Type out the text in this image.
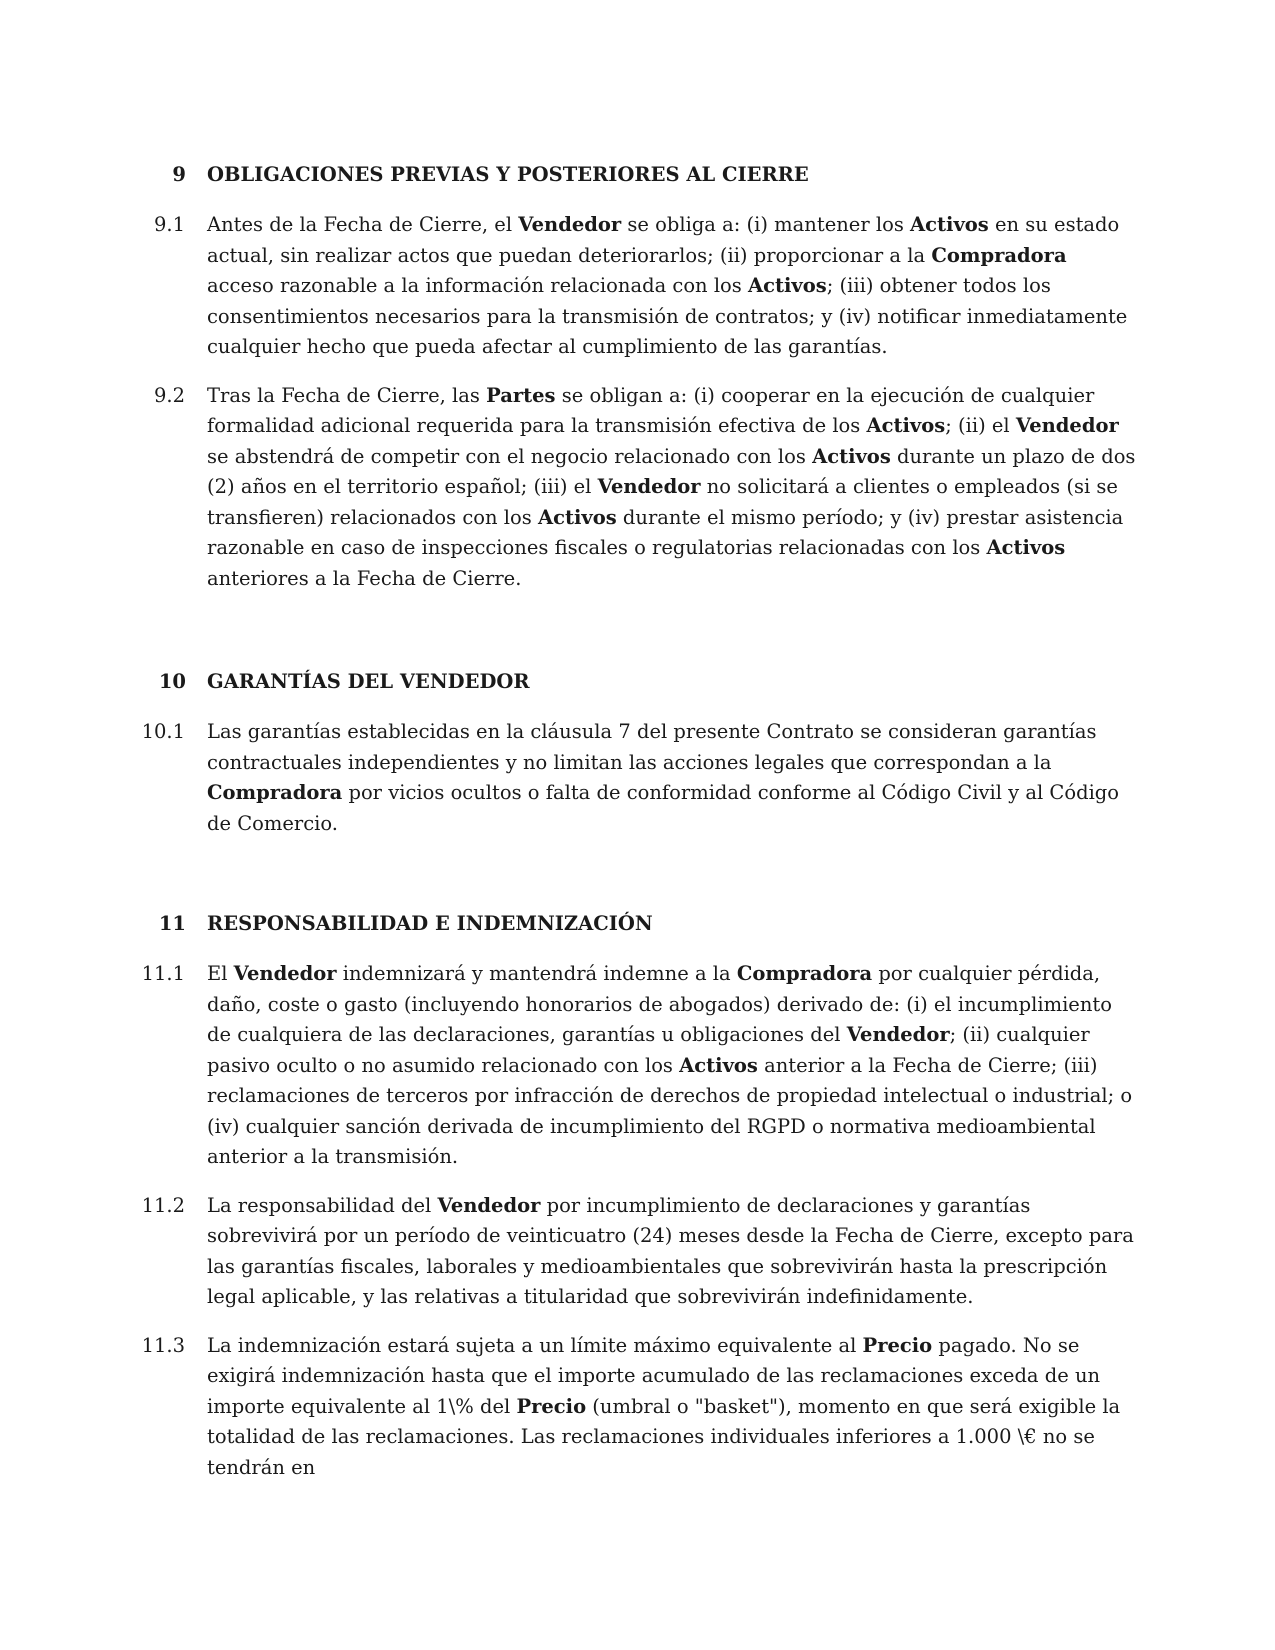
9 OBLIGACIONES PREVIAS Y POSTERIORES AL CIERRE
9.1 Antes de la Fecha de Cierre, el Vendedor se obliga a: (i) mantener los Activos en su estado actual, sin realizar actos que puedan deteriorarlos; (ii) proporcionar a la Compradora acceso razonable a la información relacionada con los Activos; (iii) obtener todos los consentimientos necesarios para la transmisión de contratos; y (iv) notificar inmediatamente cualquier hecho que pueda afectar al cumplimiento de las garantías.
9.2 Tras la Fecha de Cierre, las Partes se obligan a: (i) cooperar en la ejecución de cualquier formalidad adicional requerida para la transmisión efectiva de los Activos; (ii) el Vendedor se abstendrá de competir con el negocio relacionado con los Activos durante un plazo de dos (2) años en el territorio español; (iii) el Vendedor no solicitará a clientes o empleados (si se transfieren) relacionados con los Activos durante el mismo período; y (iv) prestar asistencia razonable en caso de inspecciones fiscales o regulatorias relacionadas con los Activos anteriores a la Fecha de Cierre.
10 GARANTÍAS DEL VENDEDOR
10.1 Las garantías establecidas en la cláusula 7 del presente Contrato se consideran garantías contractuales independientes y no limitan las acciones legales que correspondan a la Compradora por vicios ocultos o falta de conformidad conforme al Código Civil y al Código de Comercio.
11 RESPONSABILIDAD E INDEMNIZACIÓN
11.1 El Vendedor indemnizará y mantendrá indemne a la Compradora por cualquier pérdida, daño, coste o gasto (incluyendo honorarios de abogados) derivado de: (i) el incumplimiento de cualquiera de las declaraciones, garantías u obligaciones del Vendedor; (ii) cualquier pasivo oculto o no asumido relacionado con los Activos anterior a la Fecha de Cierre; (iii) reclamaciones de terceros por infracción de derechos de propiedad intelectual o industrial; o (iv) cualquier sanción derivada de incumplimiento del RGPD o normativa medioambiental anterior a la transmisión.
11.2 La responsabilidad del Vendedor por incumplimiento de declaraciones y garantías sobrevivirá por un período de veinticuatro (24) meses desde la Fecha de Cierre, excepto para las garantías fiscales, laborales y medioambientales que sobrevivirán hasta la prescripción legal aplicable, y las relativas a titularidad que sobrevivirán indefinidamente.
11.3 La indemnización estará sujeta a un límite máximo equivalente al Precio pagado. No se exigirá indemnización hasta que el importe acumulado de las reclamaciones exceda de un importe equivalente al 1\% del Precio (umbral o "basket"), momento en que será exigible la totalidad de las reclamaciones. Las reclamaciones individuales inferiores a 1.000 \€ no se tendrán en
